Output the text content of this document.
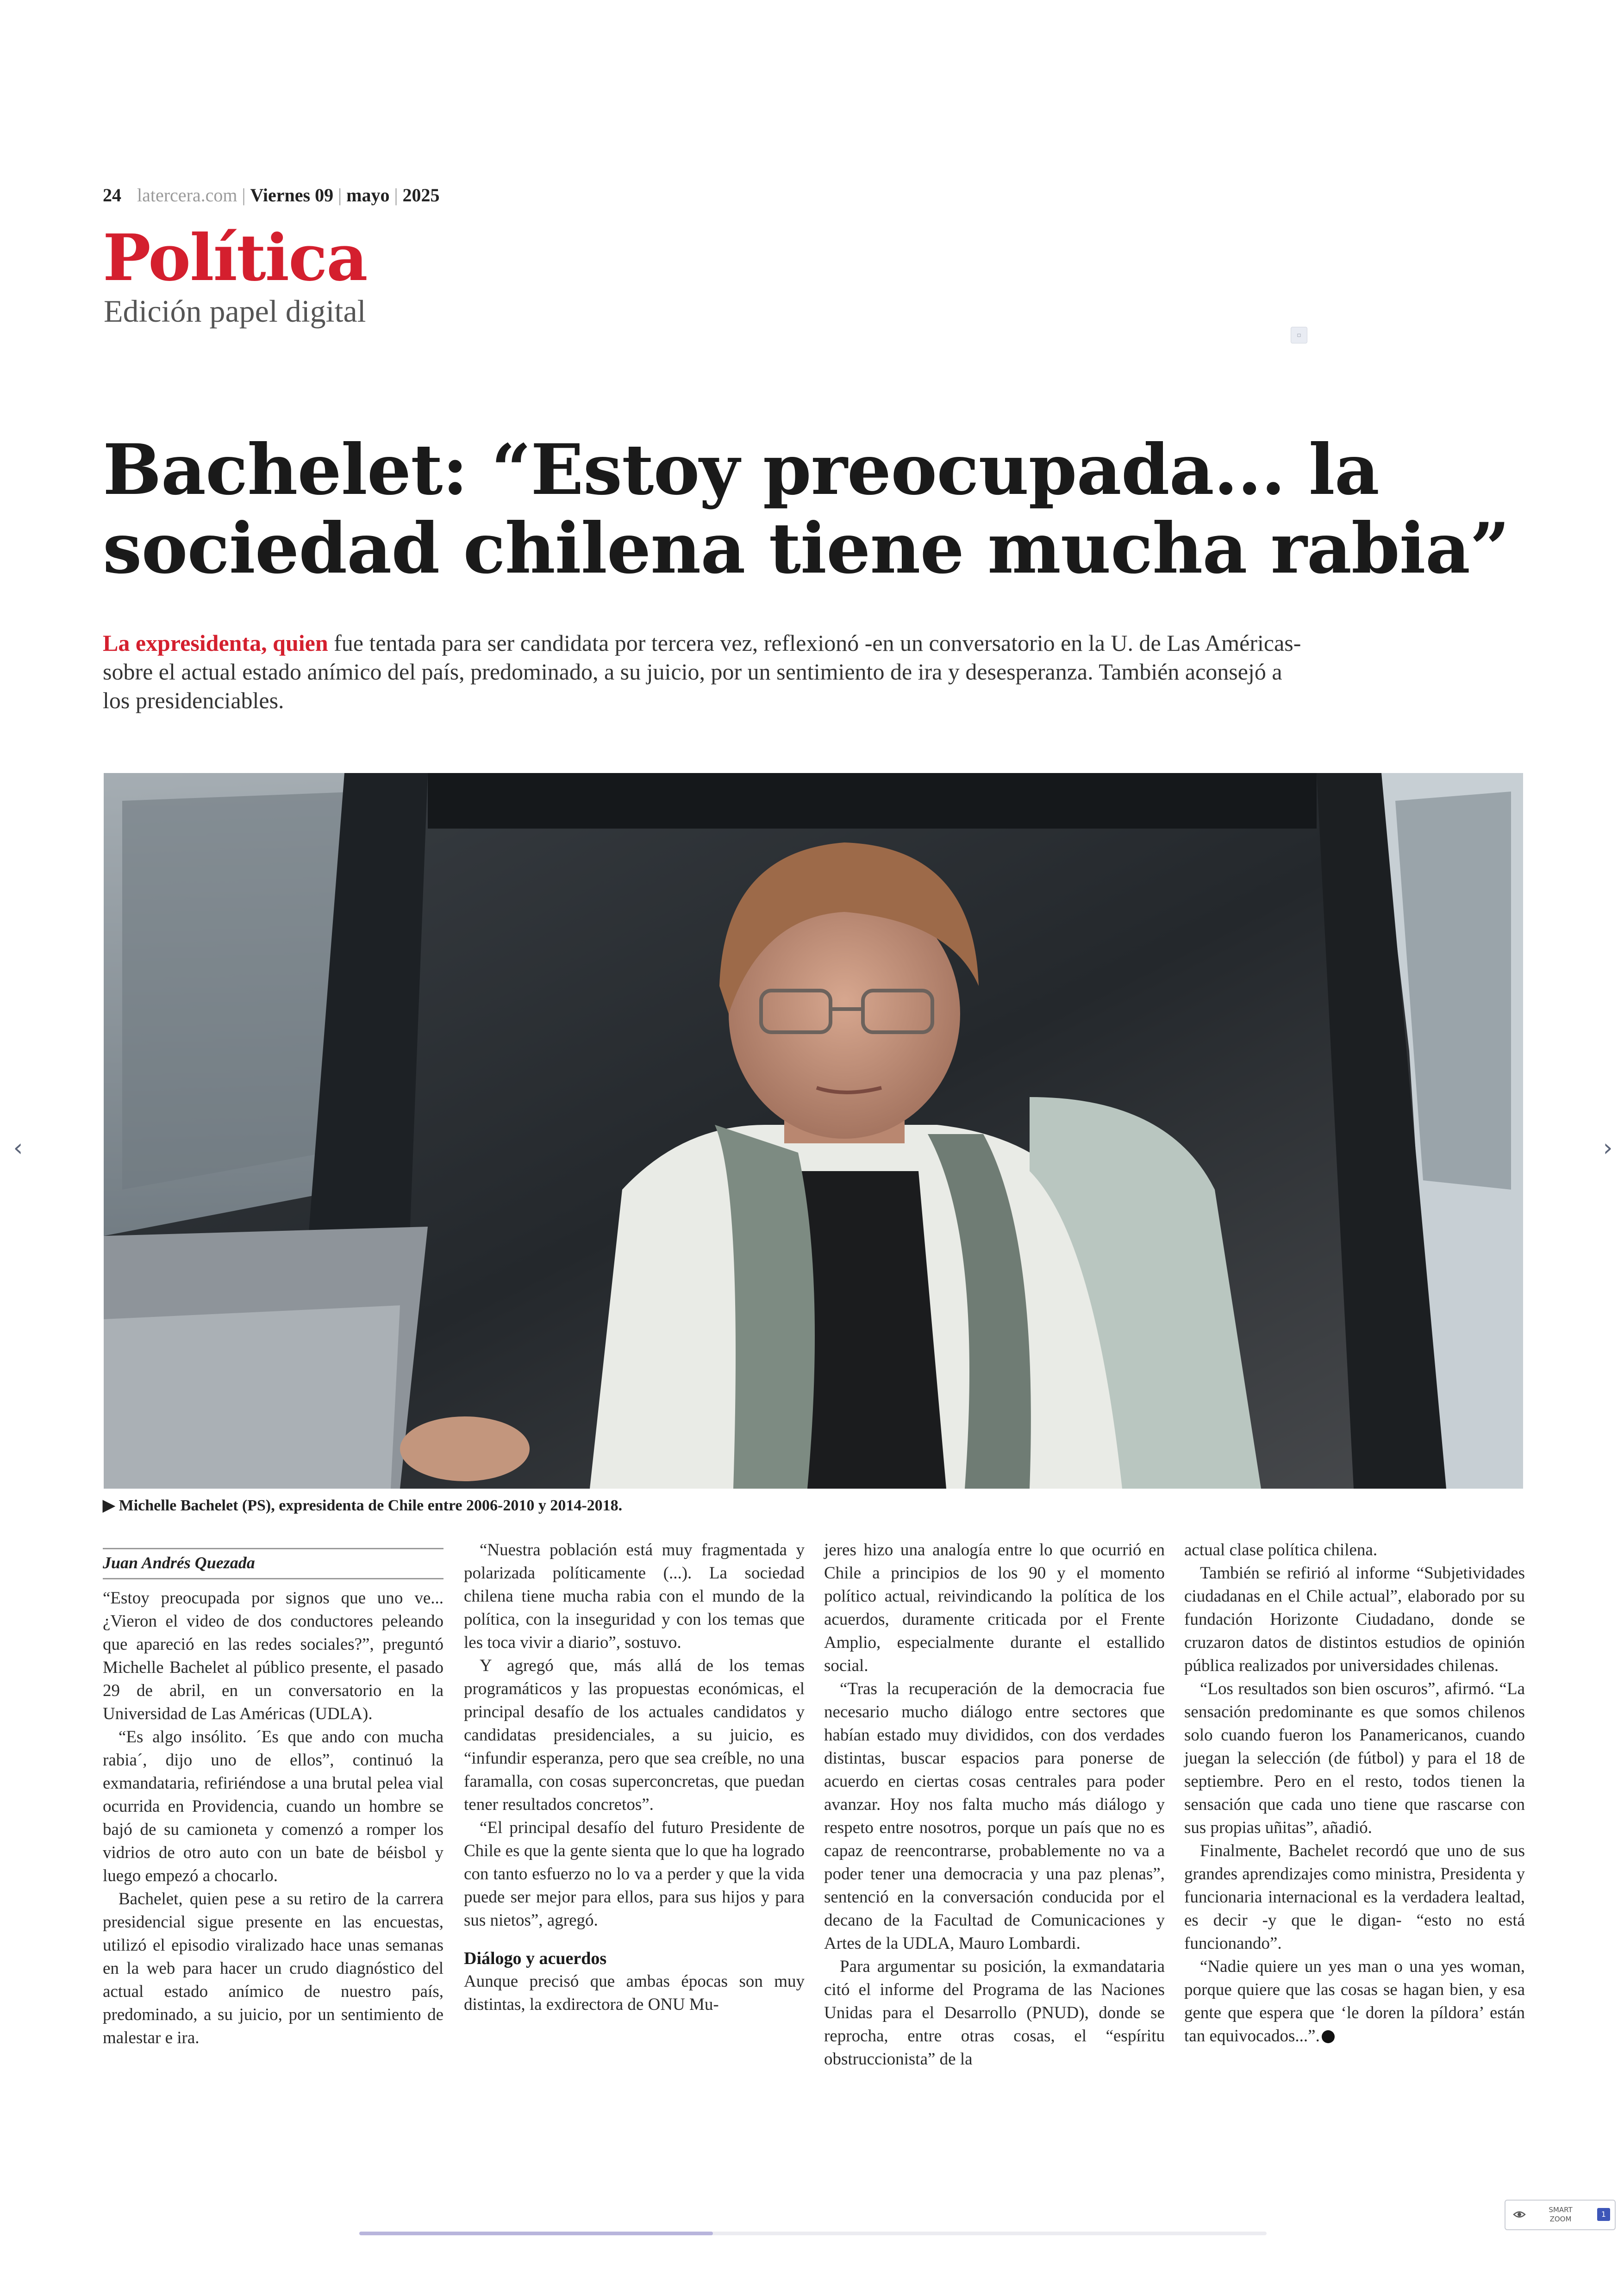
24 latercera.com | Viernes 09 | mayo | 2025
Política
Edición papel digital
▫
Bachelet: “Estoy preocupada... la sociedad chilena tiene mucha rabia”

La expresidenta, quien fue tentada para ser candidata por tercera vez, reflexionó -en un conversatorio en la U. de Las Américas- sobre el actual estado anímico del país, predominado, a su juicio, por un sentimiento de ira y desesperanza. También aconsejó a los presidenciables.

▶ Michelle Bachelet (PS), expresidenta de Chile entre 2006-2010 y 2014-2018.
Juan Andrés Quezada

“Estoy preocupada por signos que uno ve... ¿Vieron el video de dos conductores peleando que apareció en las redes sociales?”, preguntó Michelle Bachelet al público presente, el pasado 29 de abril, en un conversatorio en la Universidad de Las Américas (UDLA).

“Es algo insólito. ´Es que ando con mucha rabia´, dijo uno de ellos”, continuó la exmandataria, refiriéndose a una brutal pelea vial ocurrida en Providencia, cuando un hombre se bajó de su camioneta y comenzó a romper los vidrios de otro auto con un bate de béisbol y luego empezó a chocarlo.

Bachelet, quien pese a su retiro de la carrera presidencial sigue presente en las encuestas, utilizó el episodio viralizado hace unas semanas en la web para hacer un crudo diagnóstico del actual estado anímico de nuestro país, predominado, a su juicio, por un sentimiento de malestar e ira.

“Nuestra población está muy fragmentada y polarizada políticamente (...). La sociedad chilena tiene mucha rabia con el mundo de la política, con la inseguridad y con los temas que les toca vivir a diario”, sostuvo.

Y agregó que, más allá de los temas programáticos y las propuestas económicas, el principal desafío de los actuales candidatos y candidatas presidenciales, a su juicio, es “infundir esperanza, pero que sea creíble, no una faramalla, con cosas superconcretas, que puedan tener resultados concretos”.

“El principal desafío del futuro Presidente de Chile es que la gente sienta que lo que ha logrado con tanto esfuerzo no lo va a perder y que la vida puede ser mejor para ellos, para sus hijos y para sus nietos”, agregó.

Diálogo y acuerdos

Aunque precisó que ambas épocas son muy distintas, la exdirectora de ONU Mu-

jeres hizo una analogía entre lo que ocurrió en Chile a principios de los 90 y el momento político actual, reivindicando la política de los acuerdos, duramente criticada por el Frente Amplio, especialmente durante el estallido social.

“Tras la recuperación de la democracia fue necesario mucho diálogo entre sectores que habían estado muy divididos, con dos verdades distintas, buscar espacios para ponerse de acuerdo en ciertas cosas centrales para poder avanzar. Hoy nos falta mucho más diálogo y respeto entre nosotros, porque un país que no es capaz de reencontrarse, probablemente no va a poder tener una democracia y una paz plenas”, sentenció en la conversación conducida por el decano de la Facultad de Comunicaciones y Artes de la UDLA, Mauro Lombardi.

Para argumentar su posición, la exmandataria citó el informe del Programa de las Naciones Unidas para el Desarrollo (PNUD), donde se reprocha, entre otras cosas, el “espíritu obstruccionista” de la

actual clase política chilena.

También se refirió al informe “Subjetividades ciudadanas en el Chile actual”, elaborado por su fundación Horizonte Ciudadano, donde se cruzaron datos de distintos estudios de opinión pública realizados por universidades chilenas.

“Los resultados son bien oscuros”, afirmó. “La sensación predominante es que somos chilenos solo cuando fueron los Panamericanos, cuando juegan la selección (de fútbol) y para el 18 de septiembre. Pero en el resto, todos tienen la sensación que cada uno tiene que rascarse con sus propias uñitas”, añadió.

Finalmente, Bachelet recordó que uno de sus grandes aprendizajes como ministra, Presidenta y funcionaria internacional es la verdadera lealtad, es decir -y que le digan- “esto no está funcionando”.

“Nadie quiere un yes man o una yes woman, porque quiere que las cosas se hagan bien, y esa gente que espera que ‘le doren la píldora’ están tan equivocados...”.

‹	›
SMART ZOOM
1
